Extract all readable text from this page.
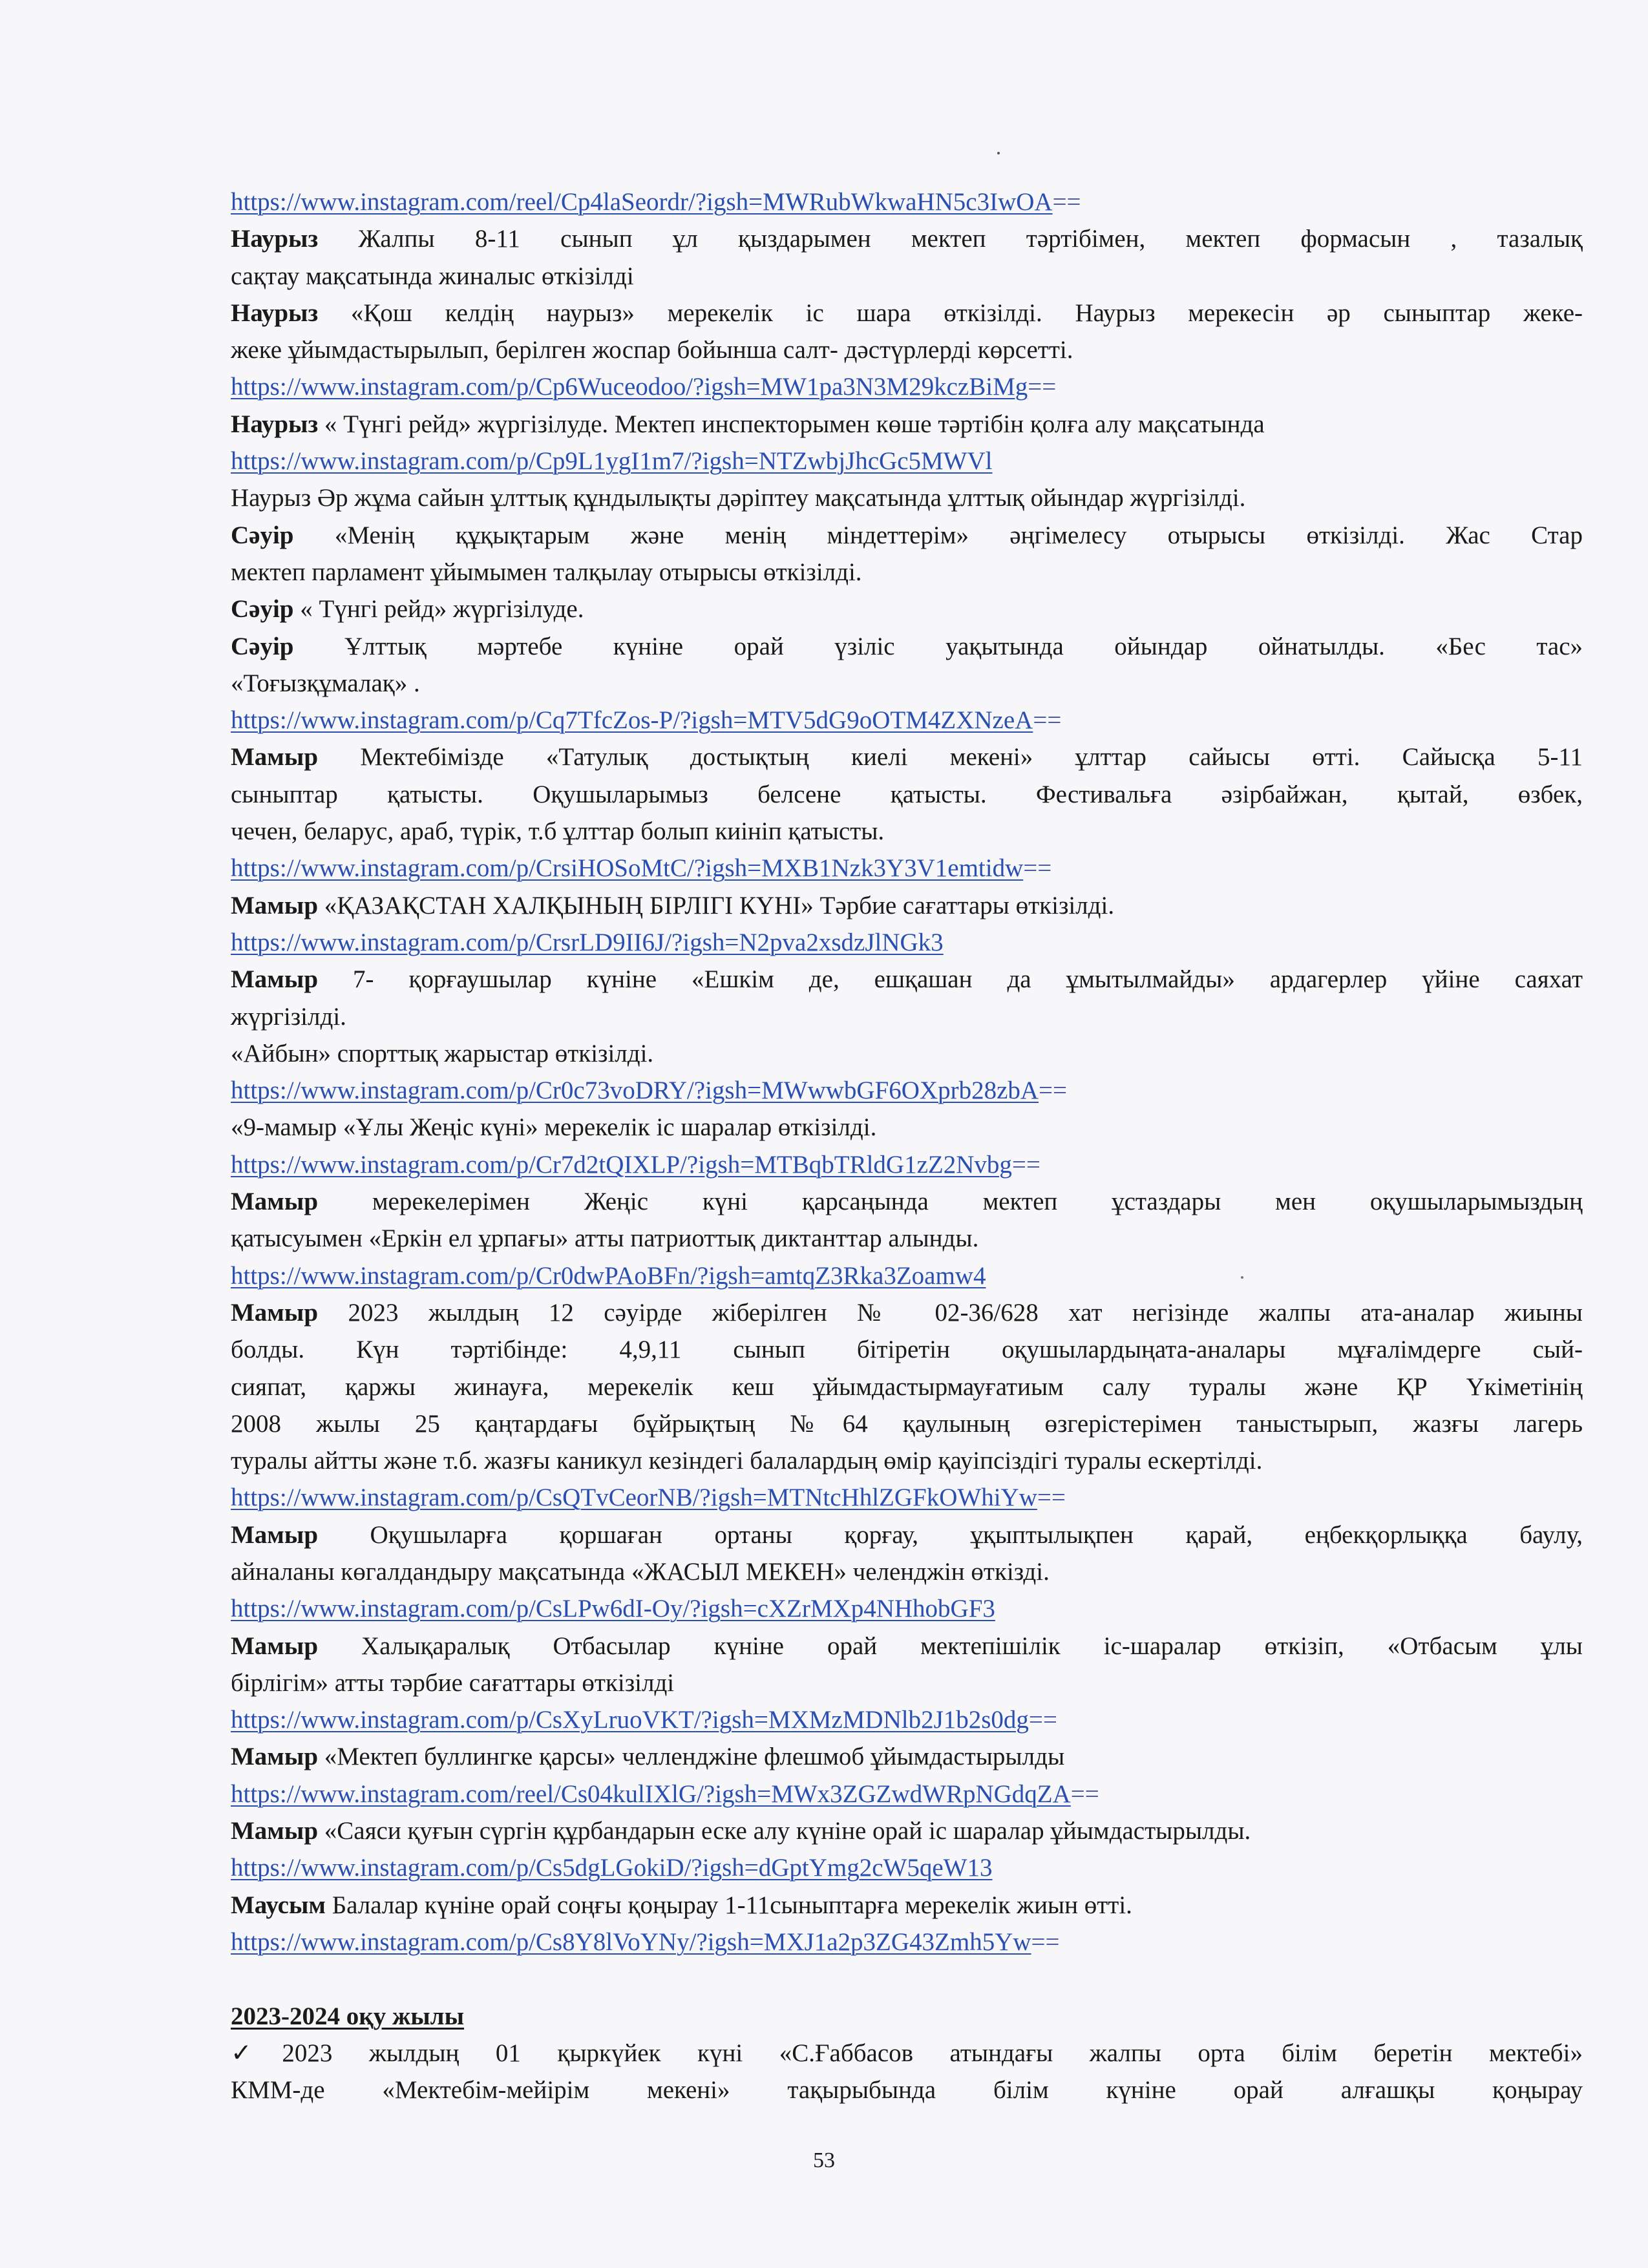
https://www.instagram.com/reel/Cp4laSeordr/?igsh=MWRubWkwaHN5c3IwOA==
Наурыз Жалпы 8-11 сынып ұл қыздарымен мектеп тәртібімен, мектеп формасын , тазалық
сақтау мақсатында жиналыс өткізілді
Наурыз «Қош келдің наурыз» мерекелік іс шара өткізілді. Наурыз мерекесін әр сыныптар жеке-
жеке ұйымдастырылып, берілген жоспар бойынша салт- дәстүрлерді көрсетті.
https://www.instagram.com/p/Cp6Wuceodoo/?igsh=MW1pa3N3M29kczBiMg==
Наурыз « Түнгі рейд» жүргізілуде. Мектеп инспекторымен көше тәртібін қолға алу мақсатында
https://www.instagram.com/p/Cp9L1ygI1m7/?igsh=NTZwbjJhcGc5MWVl
Наурыз Әр жұма сайын ұлттық құндылықты дәріптеу мақсатында ұлттық ойындар жүргізілді.
Сәуір «Менің құқықтарым және менің міндеттерім» әңгімелесу отырысы өткізілді. Жас Стар
мектеп парламент ұйымымен талқылау отырысы өткізілді.
Сәуір « Түнгі рейд» жүргізілуде.
Сәуір Ұлттық мәртебе күніне орай үзіліс уақытында ойындар ойнатылды. «Бес тас»
«Тоғызқұмалақ» .
https://www.instagram.com/p/Cq7TfcZos-P/?igsh=MTV5dG9oOTM4ZXNzeA==
Мамыр Мектебімізде «Татулық достықтың киелі мекені» ұлттар сайысы өтті. Сайысқа 5-11
сыныптар қатысты. Оқушыларымыз белсене қатысты. Фестивальға әзірбайжан, қытай, өзбек,
чечен, беларус, араб, түрік, т.б ұлттар болып киініп қатысты.
https://www.instagram.com/p/CrsiHOSoMtC/?igsh=MXB1Nzk3Y3V1emtidw==
Мамыр «ҚАЗАҚСТАН ХАЛҚЫНЫҢ БІРЛІГІ КҮНІ» Тәрбие сағаттары өткізілді.
https://www.instagram.com/p/CrsrLD9II6J/?igsh=N2pva2xsdzJlNGk3
Мамыр 7- қорғаушылар күніне «Ешкім де, ешқашан да ұмытылмайды» ардагерлер үйіне саяхат
жүргізілді.
«Айбын» спорттық жарыстар өткізілді.
https://www.instagram.com/p/Cr0c73voDRY/?igsh=MWwwbGF6OXprb28zbA==
«9-мамыр «Ұлы Жеңіс күні» мерекелік іс шаралар өткізілді.
https://www.instagram.com/p/Cr7d2tQIXLP/?igsh=MTBqbTRldG1zZ2Nvbg==
Мамыр мерекелерімен Жеңіс күні қарсаңында мектеп ұстаздары мен оқушыларымыздың
қатысуымен «Еркін ел ұрпағы» атты патриоттық диктанттар алынды.
https://www.instagram.com/p/Cr0dwPAoBFn/?igsh=amtqZ3Rka3Zoamw4
Мамыр 2023 жылдың 12 сәуірде жіберілген № 02-36/628 хат негізінде жалпы ата-аналар жиыны
болды. Күн тәртібінде: 4,9,11 сынып бітіретін оқушылардыңата-аналары мұғалімдерге сый-
сияпат, қаржы жинауға, мерекелік кеш ұйымдастырмауғатиым салу туралы және ҚР Үкіметінің
2008 жылы 25 қаңтардағы бұйрықтың №64 қаулының өзгерістерімен таныстырып, жазғы лагерь
туралы айтты және т.б. жазғы каникул кезіндегі балалардың өмір қауіпсіздігі туралы ескертілді.
https://www.instagram.com/p/CsQTvCeorNB/?igsh=MTNtcHhlZGFkOWhiYw==
Мамыр Оқушыларға қоршаған ортаны қорғау, ұқыптылықпен қарай, еңбекқорлыққа баулу,
айналаны көгалдандыру мақсатында «ЖАСЫЛ МЕКЕН» челенджін өткізді.
https://www.instagram.com/p/CsLPw6dI-Oy/?igsh=cXZrMXp4NHhobGF3
Мамыр Халықаралық Отбасылар күніне орай мектепішілік іс-шаралар өткізіп, «Отбасым ұлы
бірлігім» атты тәрбие сағаттары өткізілді
https://www.instagram.com/p/CsXyLruoVKT/?igsh=MXMzMDNlb2J1b2s0dg==
Мамыр «Мектеп буллингке қарсы» челленджіне флешмоб ұйымдастырылды
https://www.instagram.com/reel/Cs04kulIXlG/?igsh=MWx3ZGZwdWRpNGdqZA==
Мамыр «Саяси қуғын сүргін құрбандарын еске алу күніне орай іс шаралар ұйымдастырылды.
https://www.instagram.com/p/Cs5dgLGokiD/?igsh=dGptYmg2cW5qeW13
Маусым Балалар күніне орай соңғы қоңырау 1-11сыныптарға мерекелік жиын өтті.
https://www.instagram.com/p/Cs8Y8lVoYNy/?igsh=MXJ1a2p3ZG43Zmh5Yw==
2023-2024 оқу жылы
✓2023 жылдың 01 қыркүйек күні «С.Ғаббасов атындағы жалпы орта білім беретін мектебі»
КММ-де «Мектебім-мейірім мекені» тақырыбында білім күніне орай алғашқы қоңырау
53
